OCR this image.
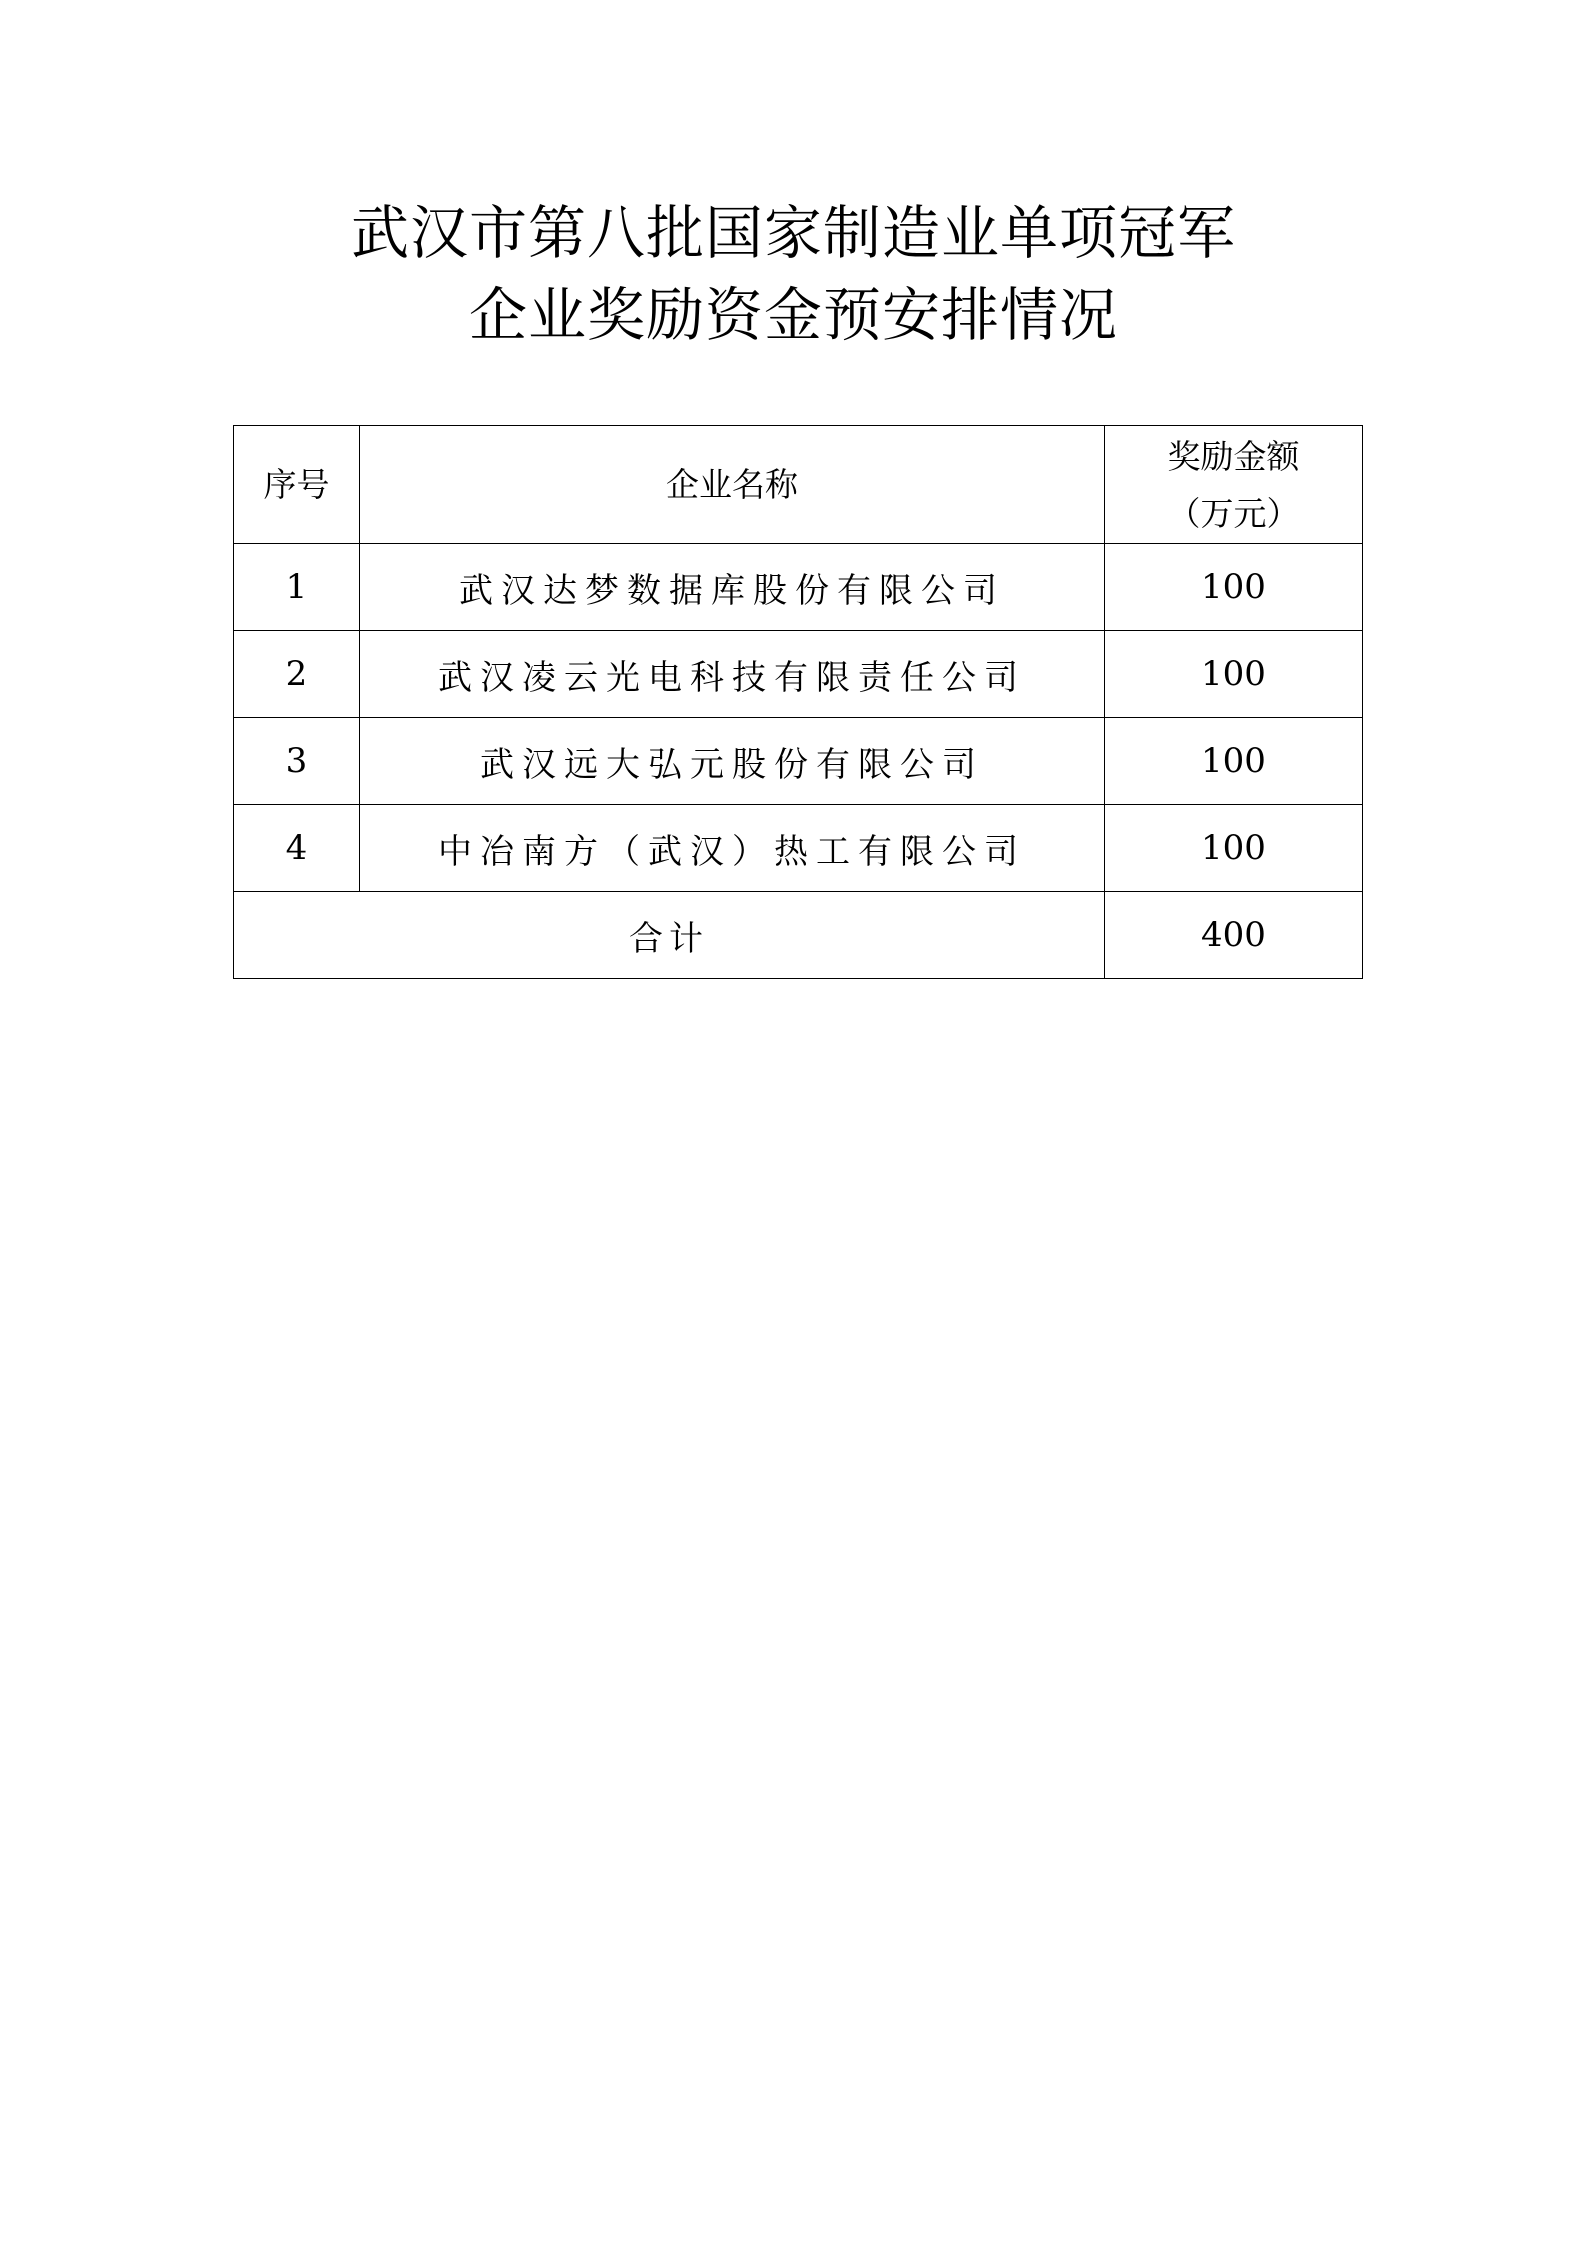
武汉市第八批国家制造业单项冠军
企业奖励资金预安排情况
序号	企业名称	奖励金额
（万元）

1	武汉达梦数据库股份有限公司	100
2	武汉凌云光电科技有限责任公司	100
3	武汉远大弘元股份有限公司	100
4	中冶南方（武汉）热工有限公司	100
合计		400
